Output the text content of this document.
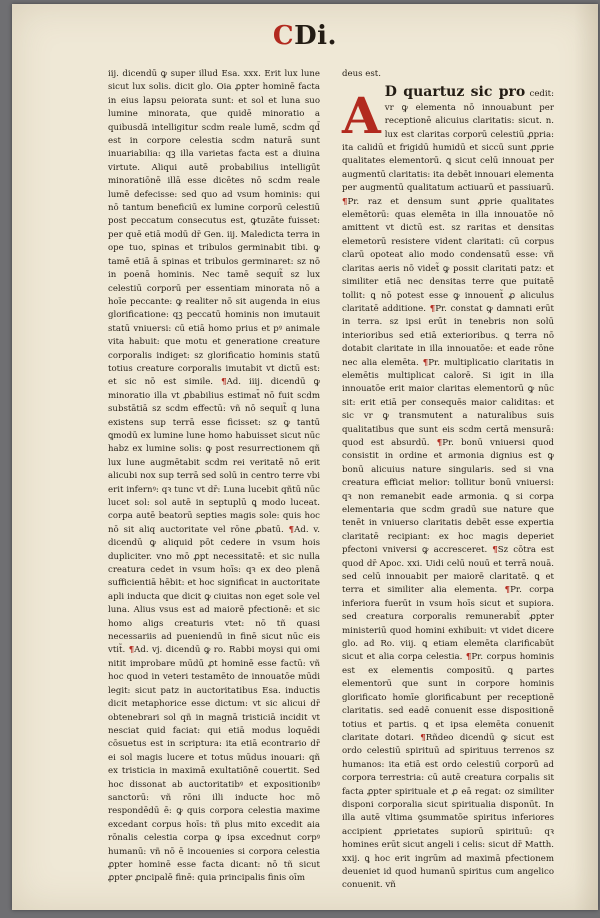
CDi.
iij. dicendū ꝙ super illud Esa. xxx. Erit lux lune sicut lux solis. dicit glo. Oia ꝓpter hominē facta in eius lapsu peiorata sunt: et sol et luna suo lumine minorata, que quidē minoratio a quibusdā intelligitur scdm reale lumē, scdm qd̄ est in corpore celestia scdm naturā sunt inuariabilia: qꝫ illa varietas facta est a diuina virtute. Aliqui autē probabilius intelligūt minoratiōnē illā esse dicētes nō scdm reale lumē defecisse: sed quo ad vsum hominis: qui nō tantum beneficiū ex lumine corporū celestiū post peccatum consecutus est, ꝙtuzāte fuisset: per quē etiā modū dr̄ Gen. iij. Maledicta terra in ope tuo, spinas et tribulos germinabit tibi. ꝙ tamē etiā ā spinas et tribulos germinaret: sz nō in poenā hominis. Nec tamē sequit̃ sz lux celestiū corporū per essentiam minorata nō a hoīe peccante: ꝙ realiter nō sit augenda in eius glorificatione: qꝫ peccatū hominis non imutauit statū vniuersi: cū etiā homo prius et pꝰ animale vita habuit: que motu et generatione creature corporalis indiget: sz glorificatio hominis statū totius creature corporalis imutabit vt dictū est: et sic nō est simile. ¶Ad. iiij. dicendū ꝙ minoratio illa vt ꝓbabilius estimat̄ nō fuit scdm substātiā sz scdm effectū: vñ nō sequit̃ q luna existens sup terrā esse ficisset: sz ꝙ tantū ꝗmodū ex lumine lune homo habuisset sicut nūc habz ex lumine solis: ꝙ post resurrectionem qñ lux lune augmētabit scdm rei veritatē nō erit alicubi nox sup terrā sed solū in centro terre vbi erit infernꝰ: qꝛ tunc vt dr̄: Luna lucebit qñtū nūc lucet sol: sol autē in septuplū ꝗ modo luceat. corpa autē beatorū septies magis sole: quis hoc nō sit aliq auctoritate vel rōne ꝓbatū. ¶Ad. v. dicendū ꝙ aliquid pōt cedere in vsum hois dupliciter. vno mō ꝓpt necessitatē: et sic nulla creatura cedet in vsum hoīs: qꝛ ex deo plenā sufficientiā hēbit: et hoc significat in auctoritate apli inducta que dicit ꝙ ciuitas non eget sole vel luna. Alius vsus est ad maiorē pfectionē: et sic homo aligs creaturis vtet: nō tñ quasi necessariis ad pueniendū in finē sicut nūc eis vtit̃. ¶Ad. vj. dicendū ꝙ ro. Rabbi moysi qui omi nitit improbare mūdū ꝓt hominē esse factū: vñ hoc quod in veteri testamēto de innouatōe mūdi legit: sicut patz in auctoritatibus Esa. inductis dicit metaphorice esse dictum: vt sic alicui dr̄ obtenebrari sol qñ in magnā tristiciā incidit vt nesciat quid faciat: qui etiā modus loquēdi cōsuetus est in scriptura: ita etiā econtrario dr̄ ei sol magis lucere et totus mūdus inouari: qñ ex tristicia in maximā exultatiōnē couertit. Sed hoc dissonat ab auctoritatibꝰ et expositionibꝰ sanctorū: vñ rōni illi inducte hoc mō respondēdū ē: ꝙ quis corpora celestia maxime excedant corpus hoīs: tñ plus mito excedit aia rōnalis celestia corpa ꝙ ipsa excednut corpꝰ humanū: vñ nō ē incouenies si corpora celestia ꝓpter hominē esse facta dicant: nō tñ sicut ꝓpter ꝓncipalē finē: quia principalis finis oīm
deus est.
A D quartuz sic pro cedit: vr ꝙ elementa nō innouabunt per receptionē alicuius claritatis: sicut. n. lux est claritas corporū celestiū ꝓpria: ita calidū et frigidū humidū et siccū sunt ꝓprie qualitates elementorū. ꝗ sicut celū innouat per augmentū claritatis: ita debēt innouari elementa per augmentū qualitatum actiuarū et passiuarū. ¶Pr. raz et densum sunt ꝓprie qualitates elemētorū: quas elemēta in illa innouatōe nō amittent vt dictū est. sz raritas et densitas elemetorū resistere vident claritati: cū corpus clarū opoteat alio modo condensatū esse: vñ claritas aeris nō videt̃ ꝙ possit claritati patz: et similiter etiā nec densitas terre que puitatē tollit: ꝗ nō potest esse ꝙ innouent̃ ꝓ aliculus claritatē additione. ¶Pr. constat ꝙ damnati erūt in terra. sz ipsi erūt in tenebris non solū interioribus sed etiā exterioribus. ꝗ terra nō dotabit claritate in illa innouatōe: et eade rōne nec alia elemēta. ¶Pr. multiplicatio claritatis in elemētis multiplicat calorē. Si igit in illa innouatōe erit maior claritas elementorū ꝙ nūc sit: erit etiā per consequēs maior caliditas: et sic vr ꝙ transmutent a naturalibus suis qualitatibus que sunt eis scdm certā mensurā: quod est absurdū. ¶Pr. bonū vniuersi quod consistit in ordine et armonia dignius est ꝙ bonū alicuius nature singularis. sed si vna creatura efficiat melior: tollitur bonū vniuersi: qꝛ non remanebit eade armonia. ꝗ si corpa elementaria que scdm gradū sue nature que tenēt in vniuerso claritatis debēt esse expertia claritatē recipiant: ex hoc magis deperiet pfectoni vniversi ꝙ accresceret. ¶Sz cōtra est quod dr̄ Apoc. xxi. Uidi celū nouū et terrā nouā. sed celū innouabit per maiorē claritatē. ꝗ et terra et similiter alia elementa. ¶Pr. corpa inferiora fuerūt in vsum hoīs sicut et supiora. sed creatura corporalis remunerabit̃ ꝓpter ministeriū quod homini exhibuit: vt videt dicere glo. ad Ro. viij. ꝗ etiam elemēta clarificabūt sicut et alia corpa celestia. ¶Pr. corpus hominis est ex elementis compositū. ꝗ partes elementorū que sunt in corpore hominis glorificato homīe glorificabunt per receptionē claritatis. sed eadē conuenit esse dispositionē totius et partis. ꝗ et ipsa elemēta conuenit claritate dotari. ¶Rñdeo dicendū ꝙ sicut est ordo celestiū spirituū ad spirituus terrenos sz humanos: ita etiā est ordo celestiū corporū ad corpora terrestria: cū autē creatura corpalis sit facta ꝓpter spirituale et ꝓ eā regat: oz similiter disponi corporalia sicut spiritualia disponūt. In illa autē vltima ꝯsummatōe spiritus inferiores accipient ꝓprietates supiorū spirituū: qꝛ homines erūt sicut angeli i celis: sicut dr̄ Matth. xxij. ꝗ hoc erit ingrūm ad maximā pfectionem deueniet id quod humanū spiritus cum angelico conuenit. vñ
